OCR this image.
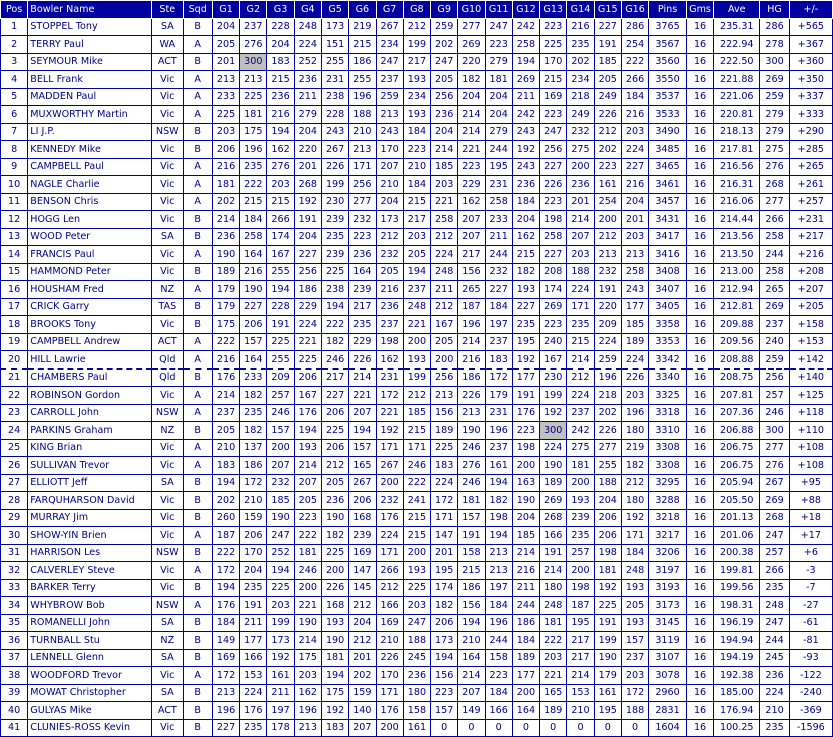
Pos	Bowler Name	Ste	Sqd	G1	G2	G3	G4	G5	G6	G7	G8	G9	G10	G11	G12	G13	G14	G15	G16	Pins	Gms	Ave	HG	+/-
1	STOPPEL Tony	SA	B	204	237	228	248	173	219	267	212	259	277	247	242	223	216	227	286	3765	16	235.31	286	+565
2	TERRY Paul	WA	A	205	276	204	224	151	215	234	199	202	269	223	258	225	235	191	254	3567	16	222.94	278	+367
3	SEYMOUR Mike	ACT	B	201	300	183	252	255	186	247	217	247	220	279	194	170	202	185	222	3560	16	222.50	300	+360
4	BELL Frank	Vic	A	213	213	215	236	231	255	237	193	205	182	181	269	215	234	205	266	3550	16	221.88	269	+350
5	MADDEN Paul	Vic	A	233	225	236	211	238	196	259	234	256	204	204	211	169	218	249	184	3537	16	221.06	259	+337
6	MUXWORTHY Martin	Vic	A	225	181	216	279	228	188	213	193	236	214	204	242	223	249	226	216	3533	16	220.81	279	+333
7	LI J.P.	NSW	B	203	175	194	204	243	210	243	184	204	214	279	243	247	232	212	203	3490	16	218.13	279	+290
8	KENNEDY Mike	Vic	B	206	196	162	220	267	213	170	223	214	221	244	192	256	275	202	224	3485	16	217.81	275	+285
9	CAMPBELL Paul	Vic	A	216	235	276	201	226	171	207	210	185	223	195	243	227	200	223	227	3465	16	216.56	276	+265
10	NAGLE Charlie	Vic	A	181	222	203	268	199	256	210	184	203	229	231	236	226	236	161	216	3461	16	216.31	268	+261
11	BENSON Chris	Vic	A	202	215	215	192	230	277	204	215	221	162	258	184	223	201	254	204	3457	16	216.06	277	+257
12	HOGG Len	Vic	B	214	184	266	191	239	232	173	217	258	207	233	204	198	214	200	201	3431	16	214.44	266	+231
13	WOOD Peter	SA	B	236	258	174	204	235	223	212	203	212	207	211	162	258	207	212	203	3417	16	213.56	258	+217
14	FRANCIS Paul	Vic	A	190	164	167	227	239	236	232	205	224	217	244	215	227	203	213	213	3416	16	213.50	244	+216
15	HAMMOND Peter	Vic	B	189	216	255	256	225	164	205	194	248	156	232	182	208	188	232	258	3408	16	213.00	258	+208
16	HOUSHAM Fred	NZ	A	179	190	194	186	238	239	216	237	211	265	227	193	174	224	191	243	3407	16	212.94	265	+207
17	CRICK Garry	TAS	B	179	227	228	229	194	217	236	248	212	187	184	227	269	171	220	177	3405	16	212.81	269	+205
18	BROOKS Tony	Vic	B	175	206	191	224	222	235	237	221	167	196	197	235	223	235	209	185	3358	16	209.88	237	+158
19	CAMPBELL Andrew	ACT	A	222	157	225	221	182	229	198	200	205	214	237	195	240	215	224	189	3353	16	209.56	240	+153
20	HILL Lawrie	Qld	A	216	164	255	225	246	226	162	193	200	216	183	192	167	214	259	224	3342	16	208.88	259	+142
21	CHAMBERS Paul	Qld	B	176	233	209	206	217	214	231	199	256	186	172	177	230	212	196	226	3340	16	208.75	256	+140
22	ROBINSON Gordon	Vic	A	214	182	257	167	227	221	172	212	213	226	179	191	199	224	218	203	3325	16	207.81	257	+125
23	CARROLL John	NSW	A	237	235	246	176	206	207	221	185	156	213	231	176	192	237	202	196	3318	16	207.36	246	+118
24	PARKINS Graham	NZ	B	205	182	157	194	225	194	192	215	189	190	196	223	300	242	226	180	3310	16	206.88	300	+110
25	KING Brian	Vic	A	210	137	200	193	206	157	171	171	225	246	237	198	224	275	277	219	3308	16	206.75	277	+108
26	SULLIVAN Trevor	Vic	A	183	186	207	214	212	165	267	246	183	276	161	200	190	181	255	182	3308	16	206.75	276	+108
27	ELLIOTT Jeff	SA	B	194	172	232	207	205	267	200	222	224	246	194	163	189	200	188	212	3295	16	205.94	267	+95
28	FARQUHARSON David	Vic	B	202	210	185	205	236	206	232	241	172	181	182	190	269	193	204	180	3288	16	205.50	269	+88
29	MURRAY Jim	Vic	B	260	159	190	223	190	168	176	215	171	157	198	204	268	239	206	192	3218	16	201.13	268	+18
30	SHOW-YIN Brien	Vic	A	187	206	247	222	182	239	224	215	147	191	194	185	166	235	206	171	3217	16	201.06	247	+17
31	HARRISON Les	NSW	B	222	170	252	181	225	169	171	200	201	158	213	214	191	257	198	184	3206	16	200.38	257	+6
32	CALVERLEY Steve	Vic	A	172	204	194	246	200	147	266	193	195	215	213	216	214	200	181	248	3197	16	199.81	266	-3
33	BARKER Terry	Vic	B	194	235	225	200	226	145	212	225	174	186	197	211	180	198	192	193	3193	16	199.56	235	-7
34	WHYBROW Bob	NSW	A	176	191	203	221	168	212	166	203	182	156	184	244	248	187	225	205	3173	16	198.31	248	-27
35	ROMANELLI John	SA	B	184	211	199	190	193	204	169	247	206	194	196	186	181	195	191	193	3145	16	196.19	247	-61
36	TURNBALL Stu	NZ	B	149	177	173	214	190	212	210	188	173	210	244	184	222	217	199	157	3119	16	194.94	244	-81
37	LENNELL Glenn	SA	B	169	166	192	175	181	201	226	245	194	164	158	189	203	217	190	237	3107	16	194.19	245	-93
38	WOODFORD Trevor	Vic	A	172	153	161	203	194	202	170	236	156	214	223	177	221	214	179	203	3078	16	192.38	236	-122
39	MOWAT Christopher	SA	B	213	224	211	162	175	159	171	180	223	207	184	200	165	153	161	172	2960	16	185.00	224	-240
40	GULYAS Mike	ACT	B	196	176	197	196	192	140	176	158	157	149	166	164	189	210	195	188	2831	16	176.94	210	-369
41	CLUNIES-ROSS Kevin	Vic	B	227	235	178	213	183	207	200	161	0	0	0	0	0	0	0	0	1604	16	100.25	235	-1596
